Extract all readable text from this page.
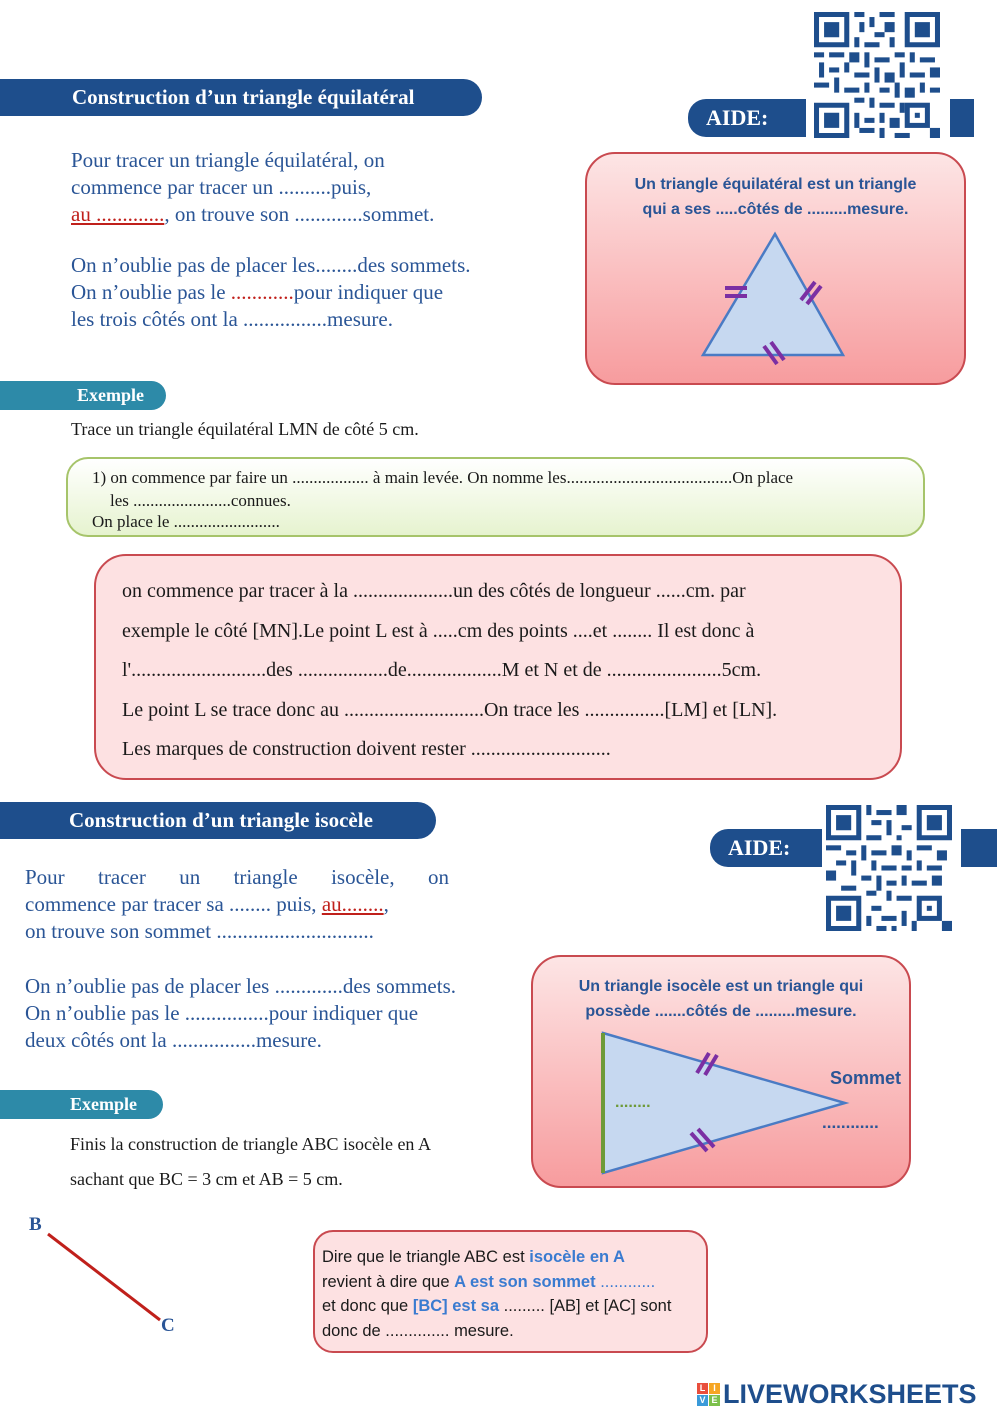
Construction d’un triangle équilatéral
AIDE:
Pour tracer un triangle équilatéral, on
commence par tracer un ..........puis,
au ............., on trouve son .............sommet.
On n’oublie pas de placer les........des sommets.
On n’oublie pas le ............pour indiquer que
les trois côtés ont la ................mesure.
Un triangle équilatéral est un triangle
qui a ses .....côtés de .........mesure.
Exemple
Trace un triangle équilatéral LMN de côté 5 cm.
1) on commence par faire un .................. à main levée. On nomme les.......................................On place
les .......................connues.
On place le .........................
on commence par tracer à la ....................un des côtés de longueur ......cm. par
exemple le côté [MN].Le point L est à .....cm des points ....et ........ Il est donc à
l'...........................des ..................de...................M et N et de .......................5cm.
Le point L se trace donc au ............................On trace les ................[LM] et [LN].
Les marques de construction doivent rester ............................
Construction d’un triangle isocèle
AIDE:
Pour tracer un triangle isocèle, on
commence par tracer sa ........ puis, au........,
on trouve son sommet ..............................
On n’oublie pas de placer les .............des sommets.
On n’oublie pas le ................pour indiquer que
deux côtés ont la ................mesure.
Un triangle isocèle est un triangle qui
possède .......côtés de .........mesure.
........
Sommet
............
Exemple
Finis la construction de triangle ABC isocèle en A
sachant que BC = 3 cm et AB = 5 cm.
B
C
Dire que le triangle ABC est isocèle en A
revient à dire que A est son sommet ............
et donc que [BC] est sa ......... [AB] et [AC] sont
donc de .............. mesure.
L I
V E LIVEWORKSHEETS
